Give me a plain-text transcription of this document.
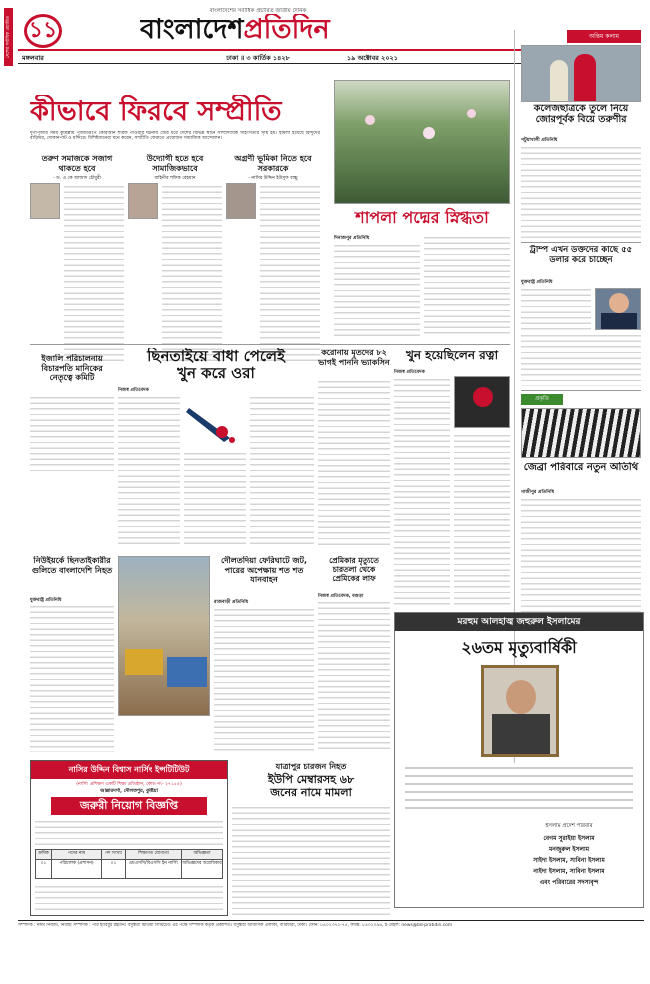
দেশের সর্বাধিক প্রচারিত ১১
বাংলাদেশের সর্বাধিক প্রচারিত জাতীয় দৈনিক
বাংলাদেশপ্রতিদিন
মঙ্গলবার	ঢাকা ॥ ৩ কার্তিক ১৪২৮	১৯ অক্টোবর ২০২১
অন্তিম কলাম
কলেজছাত্রকে তুলে নিয়ে জোরপূর্বক বিয়ে তরুণীর
পটুয়াখালী প্রতিনিধি
ট্রাম্প এখন ডক্তদের কাছে ৫৫ ডলার করে চাচ্ছেন
যুক্তরাষ্ট্র প্রতিনিধি
প্রকৃতি
জেব্রা পরিবারে নতুন অতিথি
গাজীপুর প্রতিনিধি
কীভাবে ফিরবে সম্প্রীতি
দুর্গাপূজার সময় কুমিল্লায় পূজামণ্ডপে কোরআন শরিফ পাওয়ার ঘটনায় জের ধরে দেশের বিভিন্ন স্থানে সাম্প্রদায়িক সহিংসতার সৃষ্টি হয়। হামলা হয়েছে হিন্দুদের বাড়িঘর, দোকানপাট ও মন্দিরে। বিশিষ্টজনেরা মনে করেন, সম্প্রীতি ফেরাতে প্রয়োজন সামাজিক আন্দোলন।
তরুণ সমাজকে সজাগ থাকতে হবে
- ড. এ কে আজাদ চৌধুরী
উদ্যোগী হতে হবে সামাজিকভাবে
বাহিনীর শফিক রেহমান
অগ্রণী ভূমিকা নিতে হবে সরকারকে
- নাসির উদ্দিন ইউসুফ বাচ্চু
শাপলা পদ্মের স্নিগ্ধতা
দিনাজপুর প্রতিনিধি
ইজালি পরিচালনায় বিচারপতি মানিকের নেতৃত্বে কমিটি
ছিনতাইয়ে বাধা পেলেই
খুন করে ওরা
নিজস্ব প্রতিবেদক
করোনায় মৃতদের ৮২ ভাগই পাননি ভ্যাকসিন	খুন হয়েছিলেন রত্না
নিজস্ব প্রতিবেদক
নিউইয়র্কে ছিনতাইকারীর গুলিতে বাংলাদেশি নিহত
যুক্তরাষ্ট্র প্রতিনিধি
দৌলতদিয়া ফেরিঘাটে জট, পারের অপেক্ষায় শত শত যানবাহন
রাজবাড়ী প্রতিনিধি
প্রেমিকার মৃত্যুতে চারতলা থেকে প্রেমিকের লাফ
নিজস্ব প্রতিবেদক, বগুড়া
মরহুম আলহাজ্ব জহুরুল ইসলামের
২৬তম মৃত্যুবার্ষিকী
ইসলাম প্রদেশ পরিবার
বেগম সুরাইয়া ইসলাম
মনজুরুল ইসলাম
সাইদা ইসলাম, সাবিনা ইসলাম
নাইদা ইসলাম, সাবিনা ইসলাম
এবং পরিবারের সদস্যবৃন্দ
যাত্রাপুর চারজন নিহত
ইউপি মেম্বারসহ ৬৮
জনের নামে মামলা
নাসির উদ্দিন বিশ্বাস নার্সিং ইন্সটিটিউট
(নার্সিং প্রশিক্ষণ একটি শিক্ষা প্রতিষ্ঠান, কোড নং- ২৭১৫৫)
আল্লারদর্গা, দৌলতপুর, কুষ্টিয়া
জরুরী নিয়োগ বিজ্ঞপ্তি
ক্রমিক	পদের নাম	পদ সংখ্যা	শিক্ষাগত যোগ্যতা	অভিজ্ঞতা
০১	পরিচালক (প্রশাসন)	০১	এমএসসি/বিএসসি ইন নার্সিং অভিজ্ঞদের অগ্রাধিকার
সম্পাদক : নঈম নিজাম, নির্বাহী সম্পাদক : পীর হাবিবুর রহমান। বসুন্ধরা মিডিয়া লিমিটেড এর পক্ষে সম্পাদক কর্তৃক প্রকাশিত। বসুন্ধরা আবাসিক এলাকা, বারিধারা, ঢাকা। ফোন: ৮৪০২৩৭২-৭৫, ফ্যাক্স: ৮৪০২০৯৬, ই-মেইল: news@bd-pratidin.com
